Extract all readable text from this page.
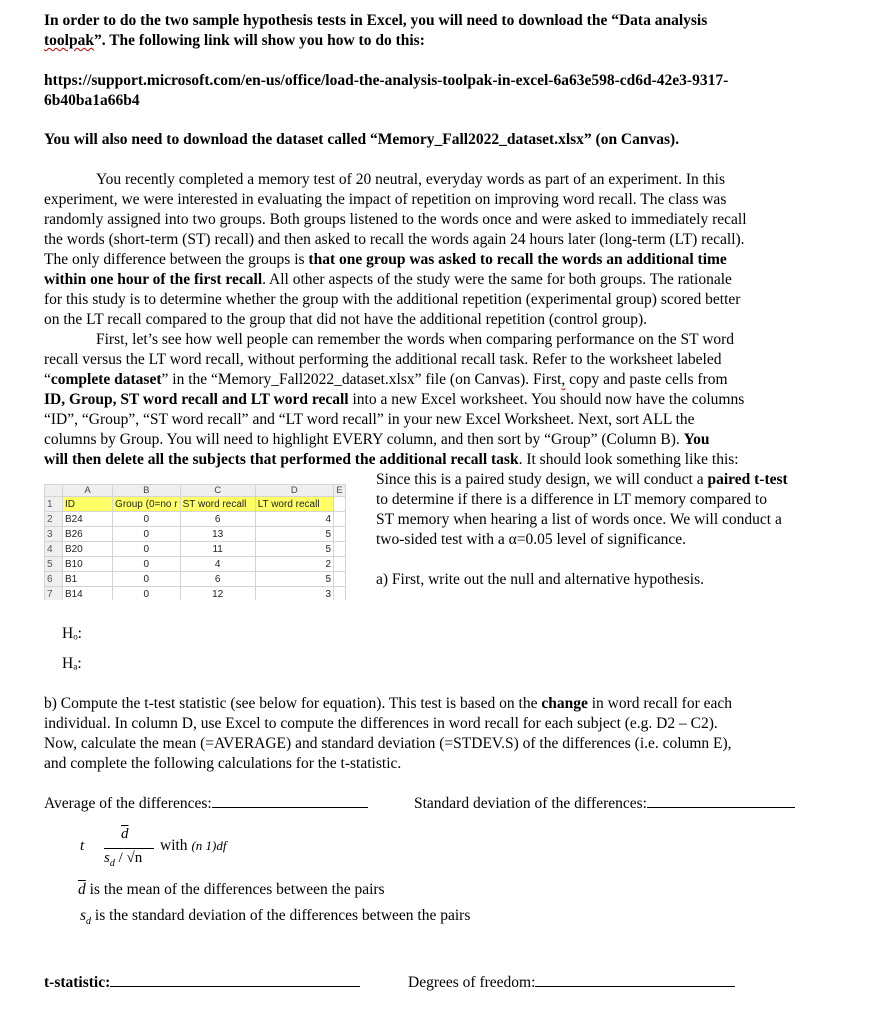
In order to do the two sample hypothesis tests in Excel, you will need to download the “Data analysis
toolpak”. The following link will show you how to do this:
https://support.microsoft.com/en-us/office/load-the-analysis-toolpak-in-excel-6a63e598-cd6d-42e3-9317-
6b40ba1a66b4
You will also need to download the dataset called “Memory_Fall2022_dataset.xlsx” (on Canvas).
You recently completed a memory test of 20 neutral, everyday words as part of an experiment. In this
experiment, we were interested in evaluating the impact of repetition on improving word recall. The class was
randomly assigned into two groups. Both groups listened to the words once and were asked to immediately recall
the words (short-term (ST) recall) and then asked to recall the words again 24 hours later (long-term (LT) recall).
The only difference between the groups is that one group was asked to recall the words an additional time
within one hour of the first recall. All other aspects of the study were the same for both groups. The rationale
for this study is to determine whether the group with the additional repetition (experimental group) scored better
on the LT recall compared to the group that did not have the additional repetition (control group).
First, let’s see how well people can remember the words when comparing performance on the ST word
recall versus the LT word recall, without performing the additional recall task. Refer to the worksheet labeled
“complete dataset” in the “Memory_Fall2022_dataset.xlsx” file (on Canvas). First, copy and paste cells from
ID, Group, ST word recall and LT word recall into a new Excel worksheet. You should now have the columns
“ID”, “Group”, “ST word recall” and “LT word recall” in your new Excel Worksheet. Next, sort ALL the
columns by Group. You will need to highlight EVERY column, and then sort by “Group” (Column B). You
will then delete all the subjects that performed the additional recall task. It should look something like this:
	A	B	C	D	E
1	ID	Group (0=no r	ST word recall	LT word recall	
2	B24	0	6	4	
3	B26	0	13	5	
4	B20	0	11	5	
5	B10	0	4	2	
6	B1	0	6	5	
7	B14	0	12	3	
Since this is a paired study design, we will conduct a paired t-test
to determine if there is a difference in LT memory compared to
ST memory when hearing a list of words once. We will conduct a
two-sided test with a α=0.05 level of significance.
a) First, write out the null and alternative hypothesis.
Hₒ:
Hₐ:
b) Compute the t-test statistic (see below for equation). This test is based on the change in word recall for each
individual. In column D, use Excel to compute the differences in word recall for each subject (e.g. D2 – C2).
Now, calculate the mean (=AVERAGE) and standard deviation (=STDEV.S) of the differences (i.e. column E),
and complete the following calculations for the t-statistic.
Average of the differences:	Standard deviation of the differences:
t
$\overline{d}$
$s_d / √n$
with (n 1)df
$\overline{d}$ is the mean of the differences between the pairs
$s_d$ is the standard deviation of the differences between the pairs
t-statistic:	Degrees of freedom:
